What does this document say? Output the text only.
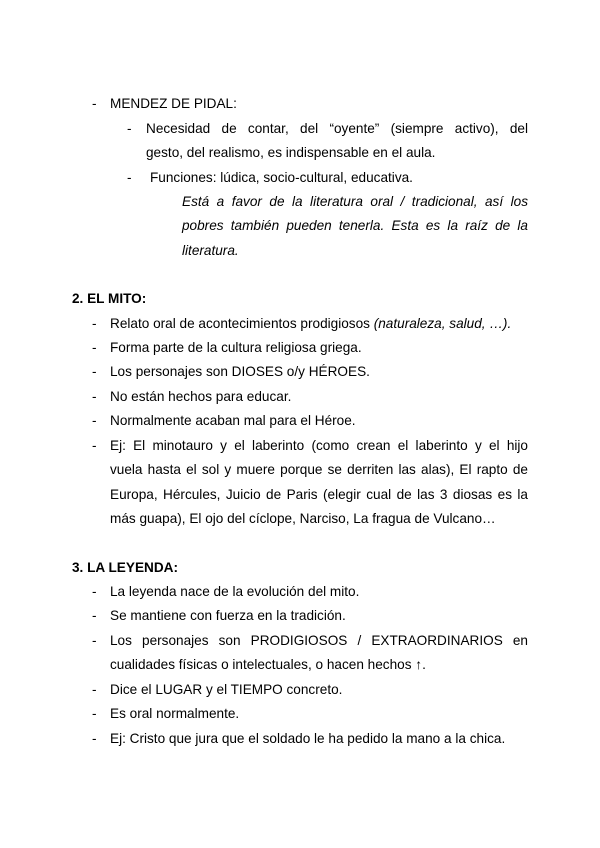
- MENDEZ DE PIDAL:
-	Necesidad de contar, del “oyente” (siempre activo), del
gesto, del realismo, es indispensable en el aula.
-	Funciones: lúdica, socio-cultural, educativa.
Está a favor de la literatura oral / tradicional, así los
pobres también pueden tenerla. Esta es la raíz de la
literatura.
2. EL MITO:
- Relato oral de acontecimientos prodigiosos (naturaleza, salud, …).
- Forma parte de la cultura religiosa griega.
- Los personajes son DIOSES o/y HÉROES.
- No están hechos para educar.
- Normalmente acaban mal para el Héroe.
- Ej: El minotauro y el laberinto (como crean el laberinto y el hijo
vuela hasta el sol y muere porque se derriten las alas), El rapto de
Europa, Hércules, Juicio de Paris (elegir cual de las 3 diosas es la
más guapa), El ojo del cíclope, Narciso, La fragua de Vulcano…
3. LA LEYENDA:
- La leyenda nace de la evolución del mito.
- Se mantiene con fuerza en la tradición.
- Los personajes son PRODIGIOSOS / EXTRAORDINARIOS en
cualidades físicas o intelectuales, o hacen hechos ↑.
- Dice el LUGAR y el TIEMPO concreto.
- Es oral normalmente.
- Ej: Cristo que jura que el soldado le ha pedido la mano a la chica.
